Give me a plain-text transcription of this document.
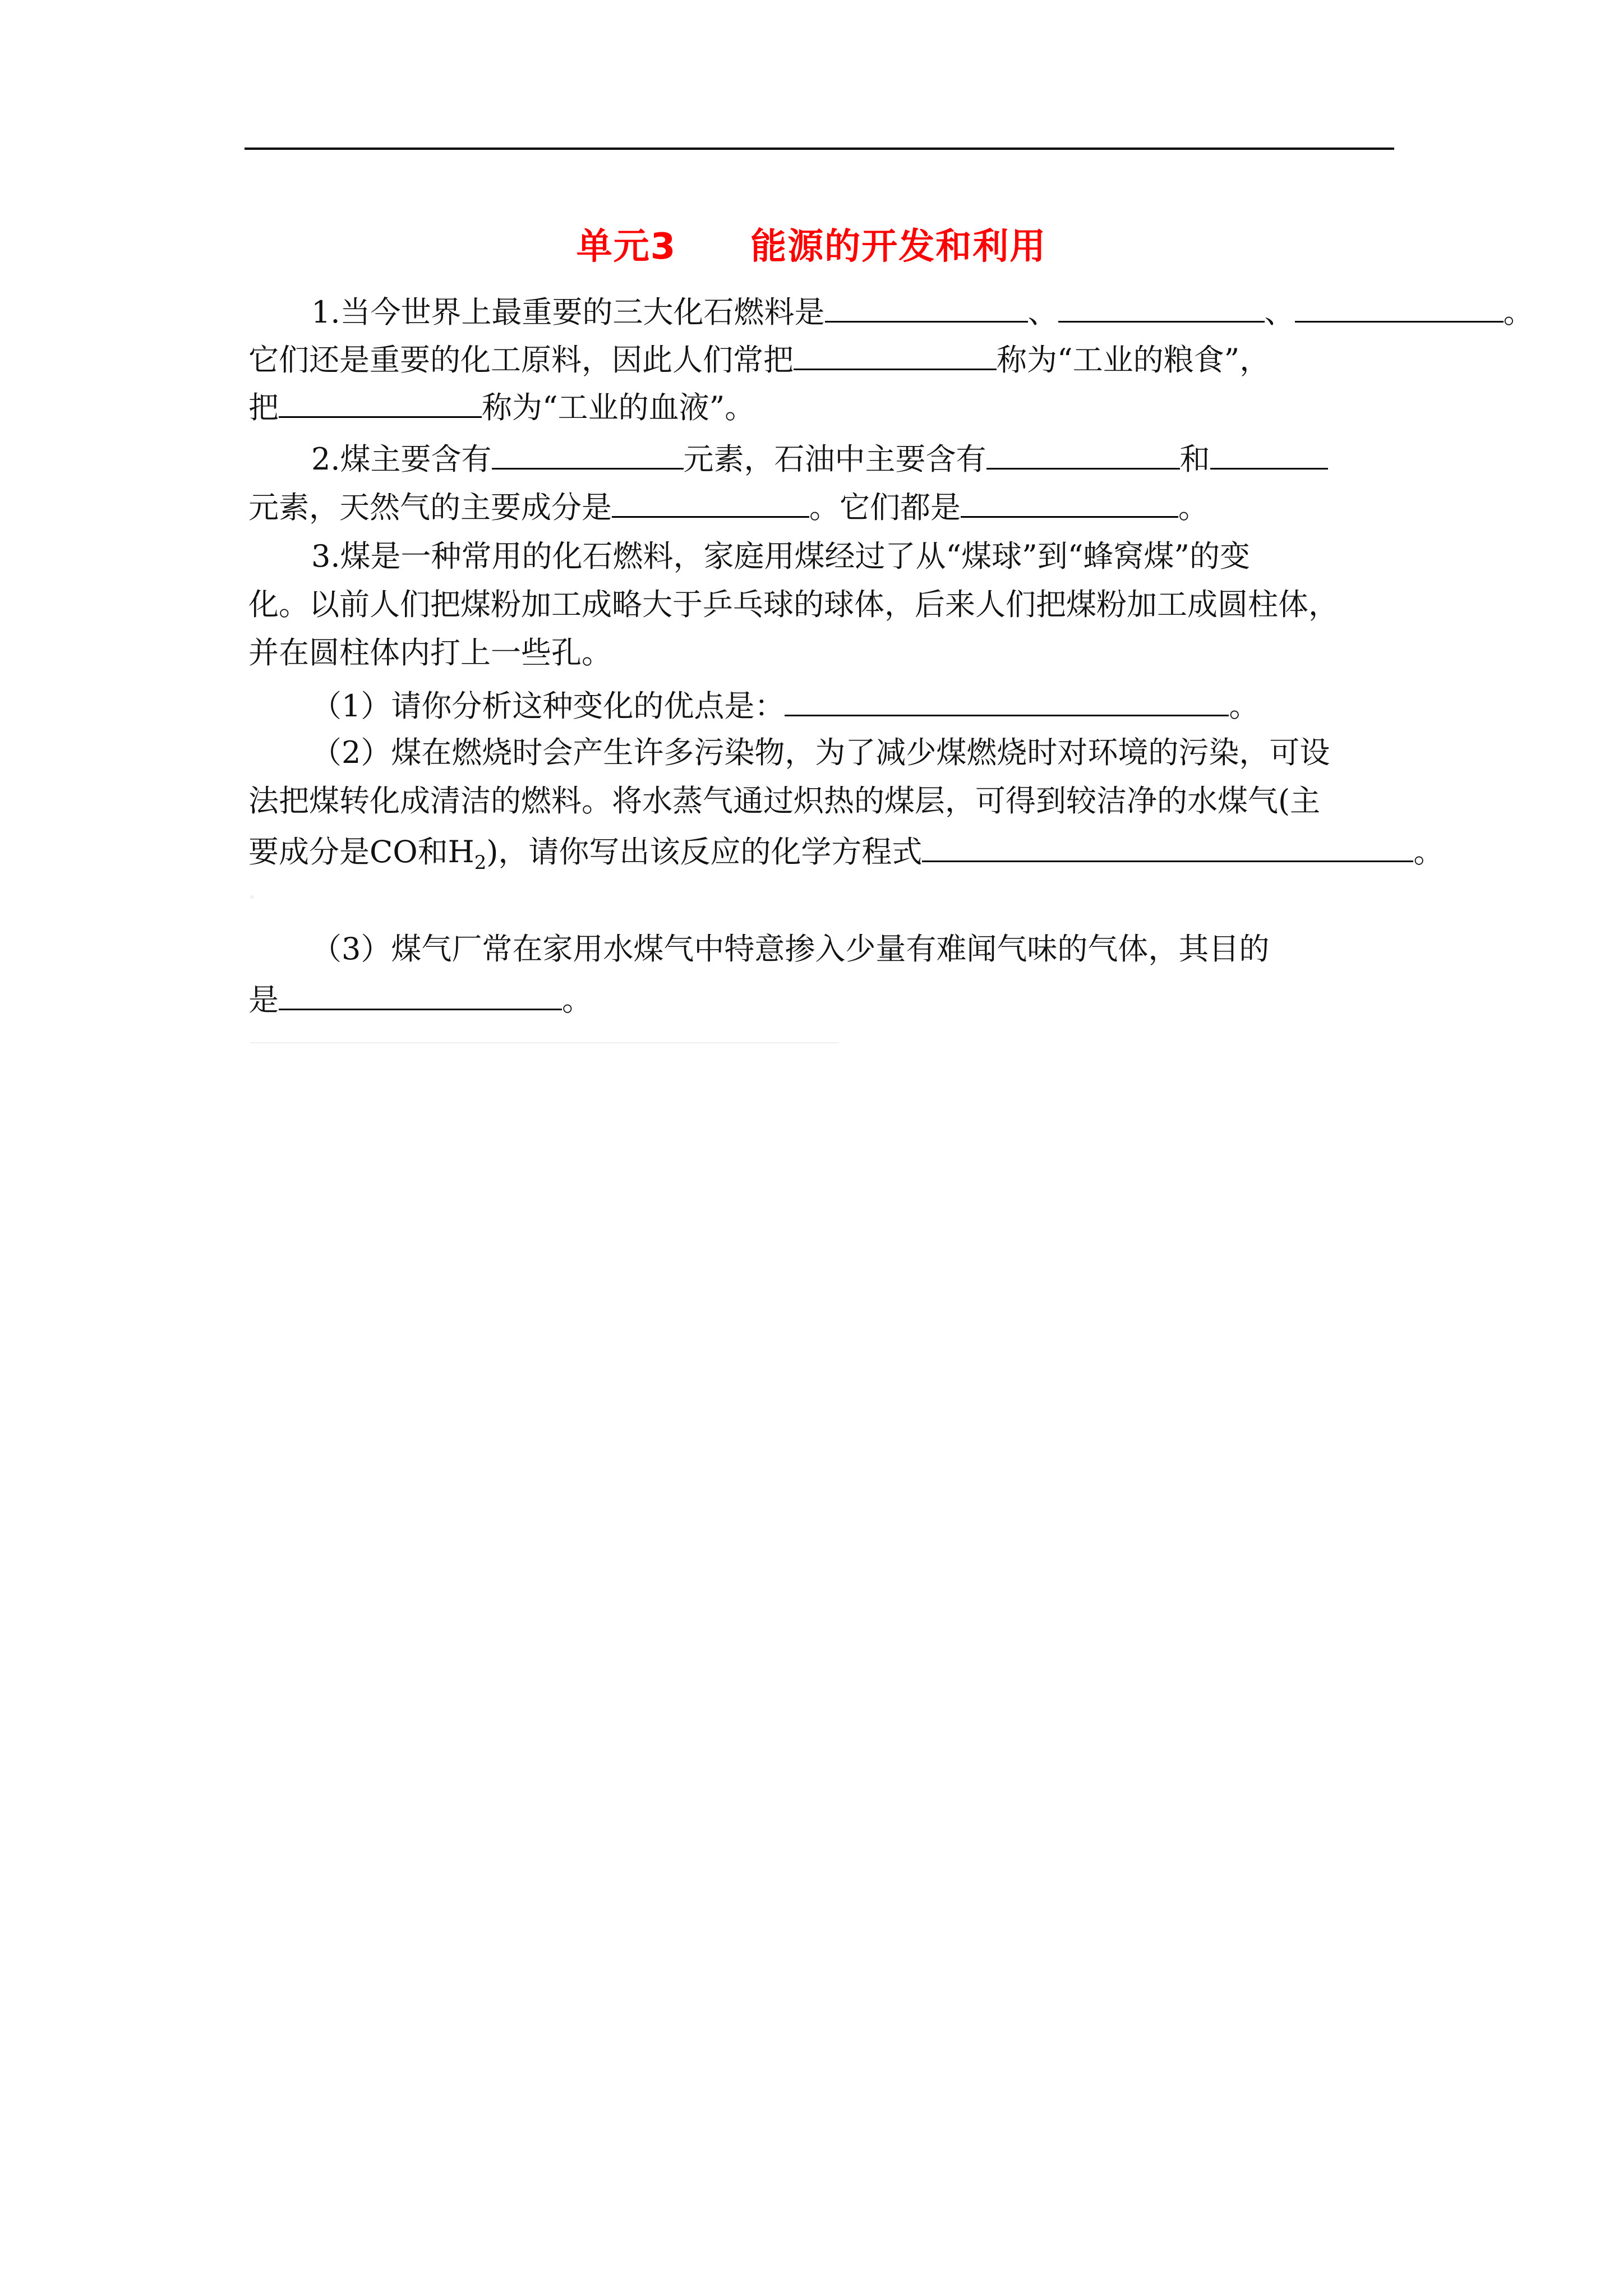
单元3　　能源的开发和利用
1.当今世界上最重要的三大化石燃料是	、	、	。
它们还是重要的化工原料，因此人们常把	称为“工业的粮食”，
把	称为“工业的血液”。
2.煤主要含有	元素，石油中主要含有	和
元素，天然气的主要成分是	。它们都是	。
3.煤是一种常用的化石燃料，家庭用煤经过了从“煤球”到“蜂窝煤”的变
化。以前人们把煤粉加工成略大于乒乓球的球体，后来人们把煤粉加工成圆柱体，
并在圆柱体内打上一些孔。
（1）请你分析这种变化的优点是：	。
（2）煤在燃烧时会产生许多污染物，为了减少煤燃烧时对环境的污染，可设
法把煤转化成清洁的燃料。将水蒸气通过炽热的煤层，可得到较洁净的水煤气(主
要成分是CO和$H_2$)，请你写出该反应的化学方程式	。
（3）煤气厂常在家用水煤气中特意掺入少量有难闻气味的气体，其目的
是	。
